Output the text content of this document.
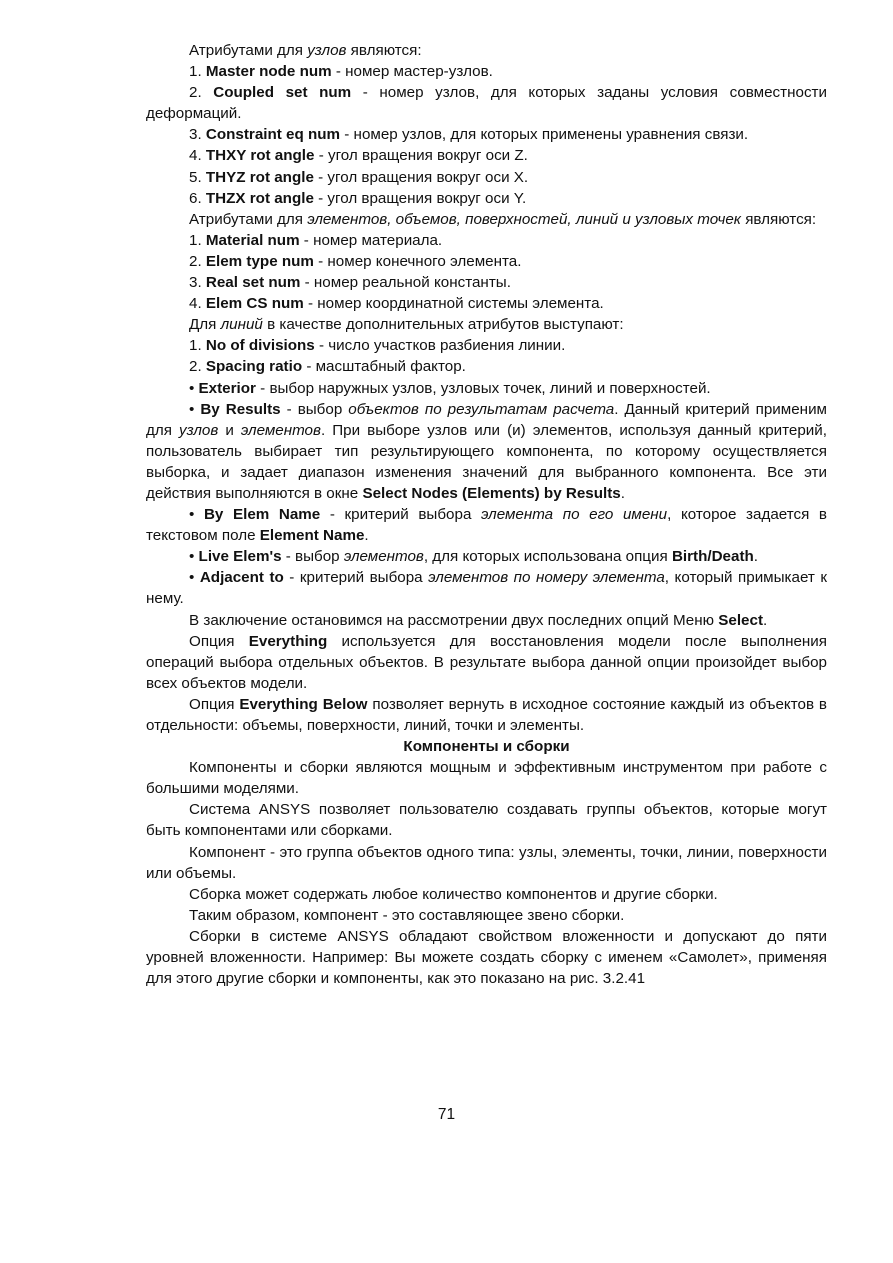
Атрибутами для узлов являются:

1. Master node num - номер мастер-узлов.

2. Coupled set num - номер узлов, для которых заданы условия совместности деформаций.

3. Constraint eq num - номер узлов, для которых применены уравнения связи.

4. THXY rot angle - угол вращения вокруг оси Z.

5. THYZ rot angle - угол вращения вокруг оси X.

6. THZX rot angle - угол вращения вокруг оси Y.

Атрибутами для элементов, объемов, поверхностей, линий и узловых точек являются:

1. Material num - номер материала.

2. Elem type num - номер конечного элемента.

3. Real set num - номер реальной константы.

4. Elem CS num - номер координатной системы элемента.

Для линий в качестве дополнительных атрибутов выступают:

1. No of divisions - число участков разбиения линии.

2. Spacing ratio - масштабный фактор.

• Exterior - выбор наружных узлов, узловых точек, линий и поверхностей.

• By Results - выбор объектов по результатам расчета. Данный критерий применим для узлов и элементов. При выборе узлов или (и) элементов, используя данный критерий, пользователь выбирает тип результирующего компонента, по которому осуществляется выборка, и задает диапазон изменения значений для выбранного компонента. Все эти действия выполняются в окне Select Nodes (Elements) by Results.

• By Elem Name - критерий выбора элемента по его имени, которое задается в текстовом поле Element Name.

• Live Elem's - выбор элементов, для которых использована опция Birth/Death.

• Adjacent to - критерий выбора элементов по номеру элемента, который примыкает к нему.

В заключение остановимся на рассмотрении двух последних опций Меню Select.

Опция Everything используется для восстановления модели после выполнения операций выбора отдельных объектов. В результате выбора данной опции произойдет выбор всех объектов модели.

Опция Everything Below позволяет вернуть в исходное состояние каждый из объектов в отдельности: объемы, поверхности, линий, точки и элементы.

Компоненты и сборки

Компоненты и сборки являются мощным и эффективным инструментом при работе с большими моделями.

Система ANSYS позволяет пользователю создавать группы объектов, которые могут быть компонентами или сборками.

Компонент - это группа объектов одного типа: узлы, элементы, точки, линии, поверхности или объемы.

Сборка может содержать любое количество компонентов и другие сборки.

Таким образом, компонент - это составляющее звено сборки.

Сборки в системе ANSYS обладают свойством вложенности и допускают до пяти уровней вложенности. Например: Вы можете создать сборку с именем «Самолет», применяя для этого другие сборки и компоненты, как это показано на рис. 3.2.41

71
